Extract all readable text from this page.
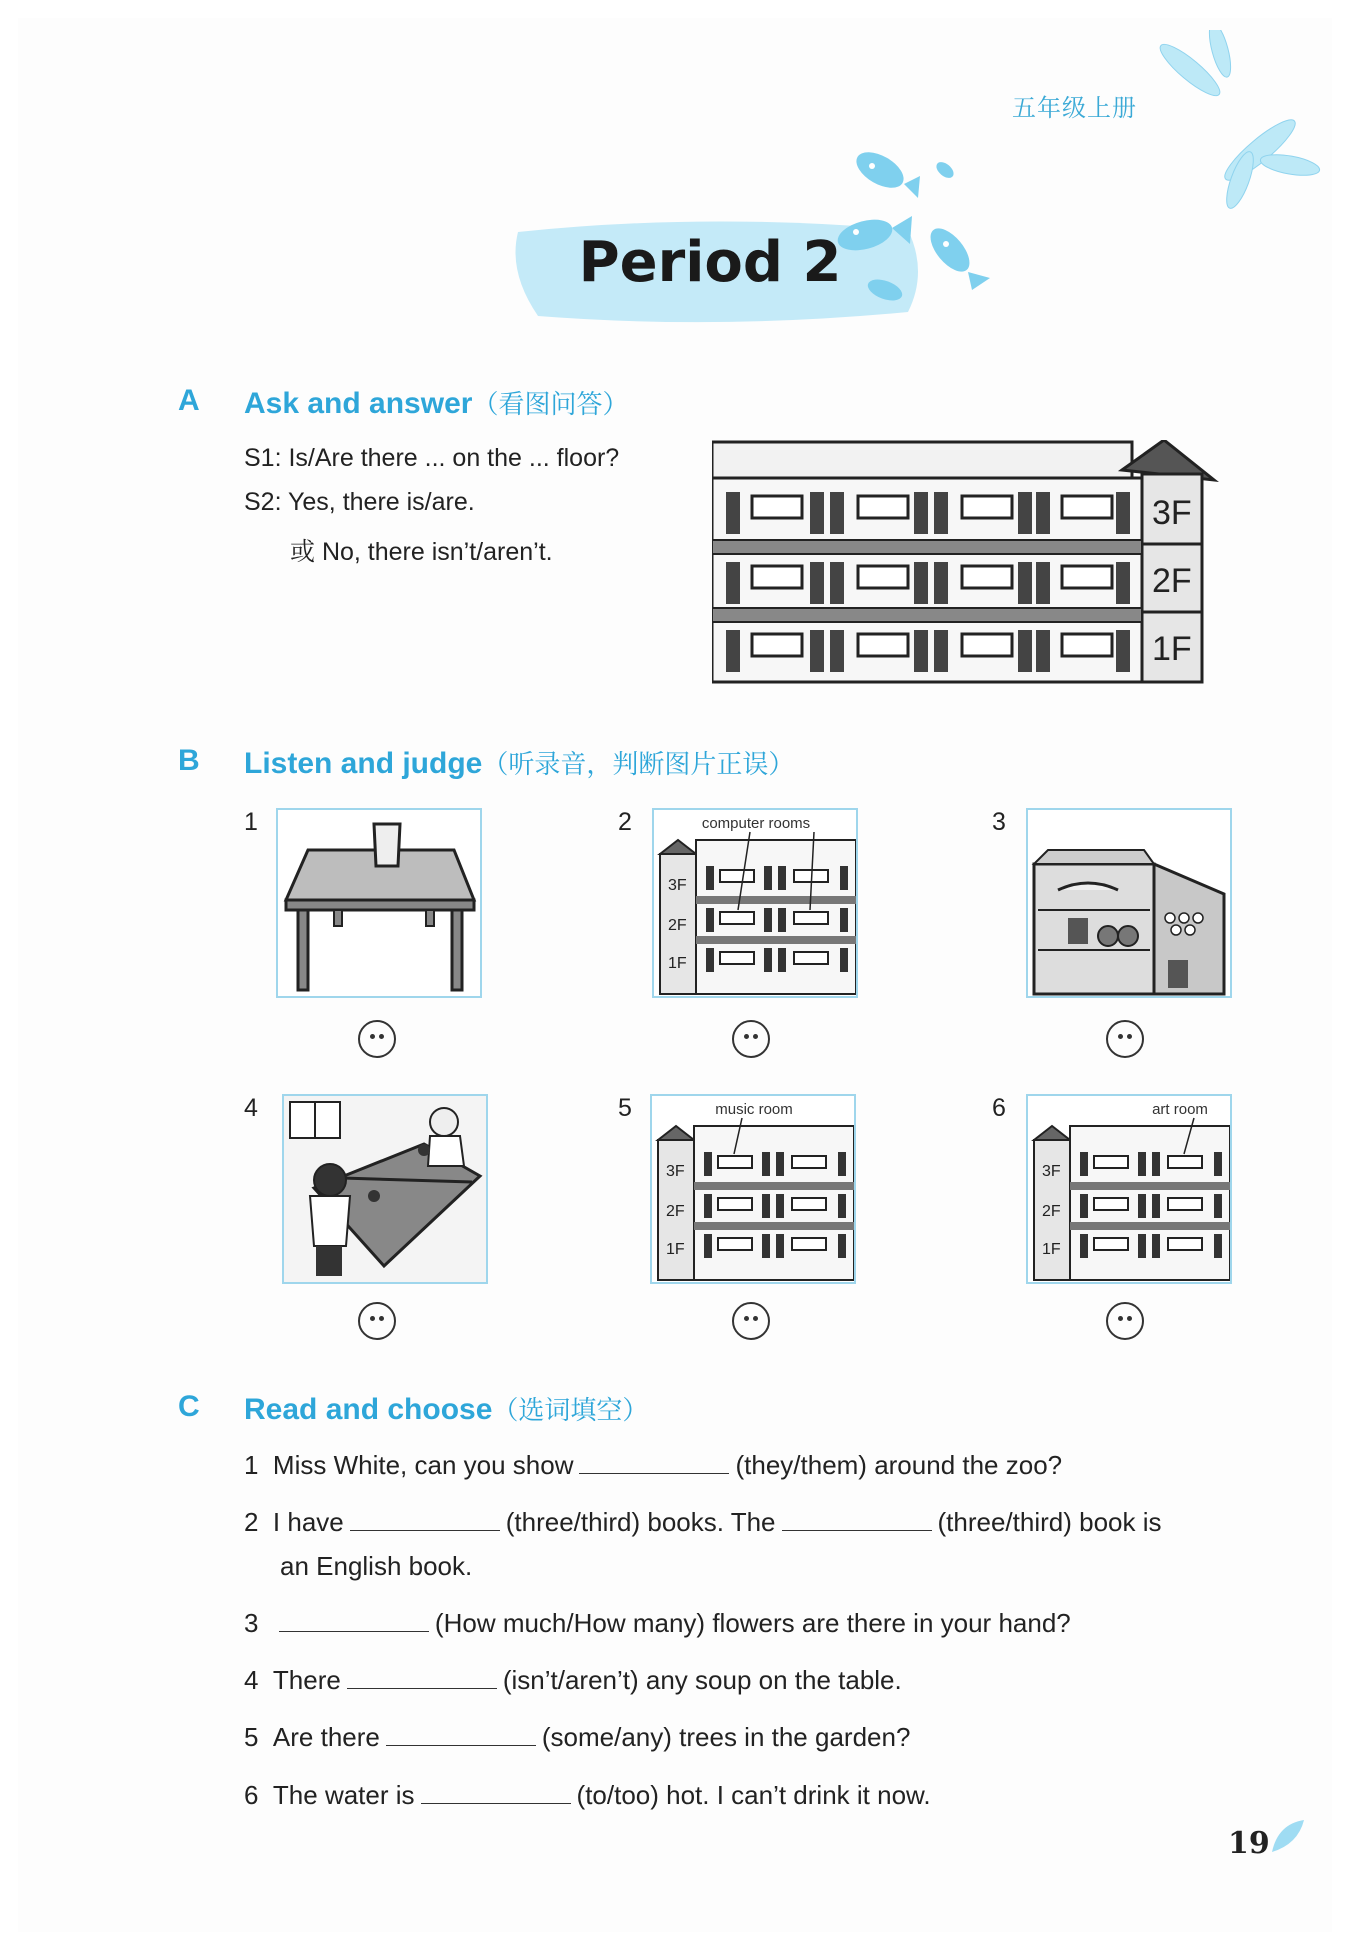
五年级上册
Period 2
A Ask and answer（看图问答）
S1: Is/Are there ... on the ... floor?
S2: Yes, there is/are.
或 No, there isn’t/aren’t.
3F
2F
1F
B Listen and judge（听录音，判断图片正误）
1	2	computer rooms
3F
2F
1F
3
4	5	music room
3F
2F
1F
6	art room
3F
2F
1F
C Read and choose（选词填空）
1 Miss White, can you show	(they/them) around the zoo?
2 I have	(three/third) books. The	(three/third) book is
an English book.
3	(How much/How many) flowers are there in your hand?
4 There	(isn’t/aren’t) any soup on the table.
5 Are there	(some/any) trees in the garden?
6 The water is	(to/too) hot. I can’t drink it now.
19
